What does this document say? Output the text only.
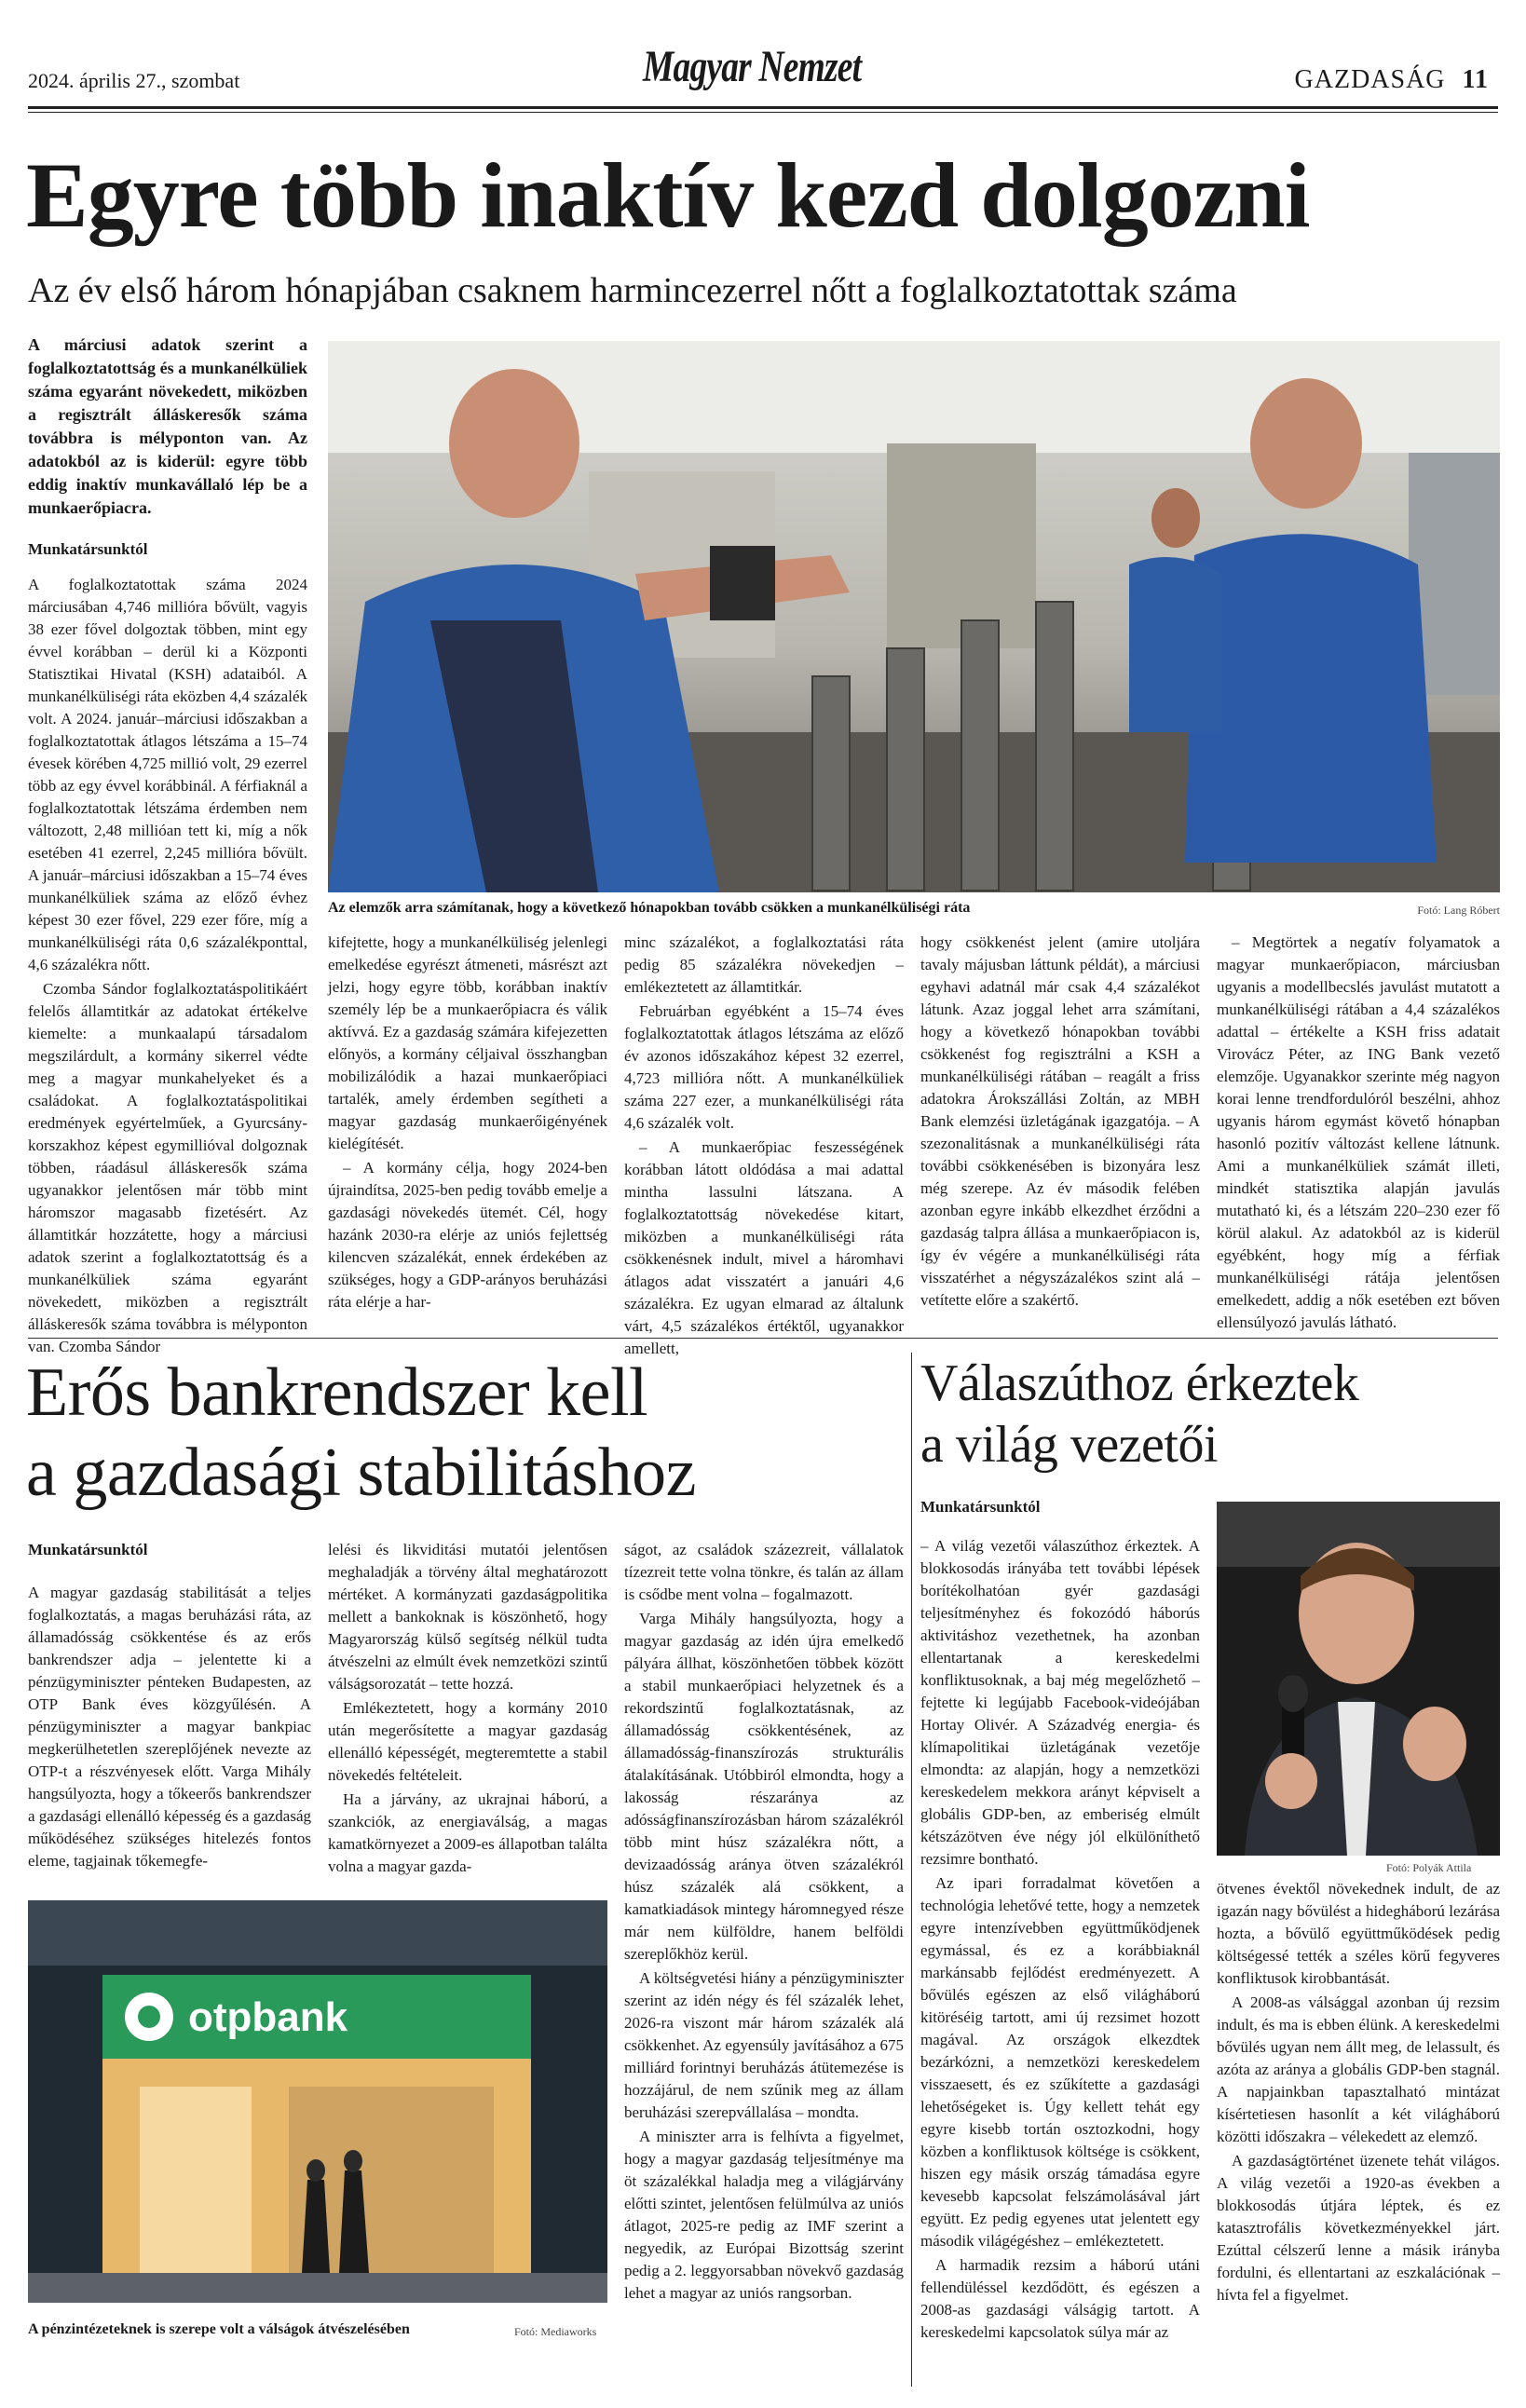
2024. április 27., szombat	Magyar Nemzet	GAZDASÁG 11
Egyre több inaktív kezd dolgozni
Az év első három hónapjában csaknem harmincezerrel nőtt a foglalkoztatottak száma

A márciusi adatok szerint a foglalkoztatottság és a munkanélküliek száma egyaránt növekedett, miközben a regisztrált álláskeresők száma továbbra is mélyponton van. Az adatokból az is kiderül: egyre több eddig inaktív munkavállaló lép be a munkaerőpiacra.

Munkatársunktól

A foglalkoztatottak száma 2024 márciusában 4,746 millióra bővült, vagyis 38 ezer fővel dolgoztak többen, mint egy évvel korábban – derül ki a Központi Statisztikai Hivatal (KSH) adataiból. A munkanélküliségi ráta eközben 4,4 százalék volt. A 2024. január–márciusi időszakban a foglalkoztatottak átlagos létszáma a 15–74 évesek körében 4,725 millió volt, 29 ezerrel több az egy évvel korábbinál. A férfiaknál a foglalkoztatottak létszáma érdemben nem változott, 2,48 millióan tett ki, míg a nők esetében 41 ezerrel, 2,245 millióra bővült. A január–márciusi időszakban a 15–74 éves munkanélküliek száma az előző évhez képest 30 ezer fővel, 229 ezer főre, míg a munkanélküliségi ráta 0,6 százalékponttal, 4,6 százalékra nőtt.

Czomba Sándor foglalkoztatáspolitikáért felelős államtitkár az adatokat értékelve kiemelte: a munkaalapú társadalom megszilárdult, a kormány sikerrel védte meg a magyar munkahelyeket és a családokat. A foglalkoztatáspolitikai eredmények egyértelműek, a Gyurcsány-korszakhoz képest egymillióval dolgoznak többen, ráadásul álláskeresők száma ugyanakkor jelentősen már több mint háromszor magasabb fizetésért. Az államtitkár hozzátette, hogy a márciusi adatok szerint a foglalkoztatottság és a munkanélküliek száma egyaránt növekedett, miközben a regisztrált álláskeresők száma továbbra is mélyponton van. Czomba Sándor

Az elemzők arra számítanak, hogy a következő hónapokban tovább csökken a munkanélküliségi ráta	Fotó: Lang Róbert

kifejtette, hogy a munkanélküliség jelenlegi emelkedése egyrészt átmeneti, másrészt azt jelzi, hogy egyre több, korábban inaktív személy lép be a munkaerőpiacra és válik aktívvá. Ez a gazdaság számára kifejezetten előnyös, a kormány céljaival összhangban mobilizálódik a hazai munkaerőpiaci tartalék, amely érdemben segítheti a magyar gazdaság munkaerőigényének kielégítését.

– A kormány célja, hogy 2024-ben újraindítsa, 2025-ben pedig tovább emelje a gazdasági növekedés ütemét. Cél, hogy hazánk 2030-ra elérje az uniós fejlettség kilencven százalékát, ennek érdekében az szükséges, hogy a GDP-arányos beruházási ráta elérje a har-

minc százalékot, a foglalkoztatási ráta pedig 85 százalékra növekedjen – emlékeztetett az államtitkár.

Februárban egyébként a 15–74 éves foglalkoztatottak átlagos létszáma az előző év azonos időszakához képest 32 ezerrel, 4,723 millióra nőtt. A munkanélküliek száma 227 ezer, a munkanélküliségi ráta 4,6 százalék volt.

– A munkaerőpiac feszességének korábban látott oldódása a mai adattal mintha lassulni látszana. A foglalkoztatottság növekedése kitart, miközben a munkanélküliségi ráta csökkenésnek indult, mivel a háromhavi átlagos adat visszatért a januári 4,6 százalékra. Ez ugyan elmarad az általunk várt, 4,5 százalékos értéktől, ugyanakkor amellett,

hogy csökkenést jelent (amire utoljára tavaly májusban láttunk példát), a márciusi egyhavi adatnál már csak 4,4 százalékot látunk. Azaz joggal lehet arra számítani, hogy a következő hónapokban további csökkenést fog regisztrálni a KSH a munkanélküliségi rátában – reagált a friss adatokra Árokszállási Zoltán, az MBH Bank elemzési üzletágának igazgatója. – A szezonalitásnak a munkanélküliségi ráta további csökkenésében is bizonyára lesz még szerepe. Az év második felében azonban egyre inkább elkezdhet érződni a gazdaság talpra állása a munkaerőpiacon is, így év végére a munkanélküliségi ráta visszatérhet a négyszázalékos szint alá – vetítette előre a szakértő.

– Megtörtek a negatív folyamatok a magyar munkaerőpiacon, márciusban ugyanis a modellbecslés javulást mutatott a munkanélküliségi rátában a 4,4 százalékos adattal – értékelte a KSH friss adatait Virovácz Péter, az ING Bank vezető elemzője. Ugyanakkor szerinte még nagyon korai lenne trendfordulóról beszélni, ahhoz ugyanis három egymást követő hónapban hasonló pozitív változást kellene látnunk. Ami a munkanélküliek számát illeti, mindkét statisztika alapján javulás mutatható ki, és a létszám 220–230 ezer fő körül alakul. Az adatokból az is kiderül egyébként, hogy míg a férfiak munkanélküliségi rátája jelentősen emelkedett, addig a nők esetében ezt bőven ellensúlyozó javulás látható.

Erős bankrendszer kell
a gazdasági stabilitáshoz

Munkatársunktól

A magyar gazdaság stabilitását a teljes foglalkoztatás, a magas beruházási ráta, az államadósság csökkentése és az erős bankrendszer adja – jelentette ki a pénzügyminiszter pénteken Budapesten, az OTP Bank éves közgyűlésén. A pénzügyminiszter a magyar bankpiac megkerülhetetlen szereplőjének nevezte az OTP-t a részvényesek előtt. Varga Mihály hangsúlyozta, hogy a tőkeerős bankrendszer a gazdasági ellenálló képesség és a gazdaság működéséhez szükséges hitelezés fontos eleme, tagjainak tőkemegfe-

lelési és likviditási mutatói jelentősen meghaladják a törvény által meghatározott mértéket. A kormányzati gazdaságpolitika mellett a bankoknak is köszönhető, hogy Magyarország külső segítség nélkül tudta átvészelni az elmúlt évek nemzetközi szintű válságsorozatát – tette hozzá.

Emlékeztetett, hogy a kormány 2010 után megerősítette a magyar gazdaság ellenálló képességét, megteremtette a stabil növekedés feltételeit.

Ha a járvány, az ukrajnai háború, a szankciók, az energiaválság, a magas kamatkörnyezet a 2009-es állapotban találta volna a magyar gazda-

otpbank
A pénzintézeteknek is szerepe volt a válságok átvészelésében	Fotó: Mediaworks

ságot, az családok százezreit, vállalatok tízezreit tette volna tönkre, és talán az állam is csődbe ment volna – fogalmazott.

Varga Mihály hangsúlyozta, hogy a magyar gazdaság az idén újra emelkedő pályára állhat, köszönhetően többek között a stabil munkaerőpiaci helyzetnek és a rekordszintű foglalkoztatásnak, az államadósság csökkentésének, az államadósság-finanszírozás strukturális átalakításának. Utóbbiról elmondta, hogy a lakosság részaránya az adósságfinanszírozásban három százalékról több mint húsz százalékra nőtt, a devizaadósság aránya ötven százalékról húsz százalék alá csökkent, a kamatkiadások mintegy háromnegyed része már nem külföldre, hanem belföldi szereplőkhöz kerül.

A költségvetési hiány a pénzügyminiszter szerint az idén négy és fél százalék lehet, 2026-ra viszont már három százalék alá csökkenhet. Az egyensúly javításához a 675 milliárd forintnyi beruházás átütemezése is hozzájárul, de nem szűnik meg az állam beruházási szerepvállalása – mondta.

A miniszter arra is felhívta a figyelmet, hogy a magyar gazdaság teljesítménye ma öt százalékkal haladja meg a világjárvány előtti szintet, jelentősen felülmúlva az uniós átlagot, 2025-re pedig az IMF szerint a negyedik, az Európai Bizottság szerint pedig a 2. leggyorsabban növekvő gazdaság lehet a magyar az uniós rangsorban.

Válaszúthoz érkeztek
a világ vezetői
Munkatársunktól

– A világ vezetői válaszúthoz érkeztek. A blokkosodás irányába tett további lépések borítékolhatóan gyér gazdasági teljesítményhez és fokozódó háborús aktivitáshoz vezethetnek, ha azonban ellentartanak a kereskedelmi konfliktusoknak, a baj még megelőzhető – fejtette ki legújabb Facebook-videójában Hortay Olivér. A Századvég energia- és klímapolitikai üzletágának vezetője elmondta: az alapján, hogy a nemzetközi kereskedelem mekkora arányt képviselt a globális GDP-ben, az emberiség elmúlt kétszázötven éve négy jól elkülöníthető rezsimre bontható.

Az ipari forradalmat követően a technológia lehetővé tette, hogy a nemzetek egyre intenzívebben együttműködjenek egymással, és ez a korábbiaknál markánsabb fejlődést eredményezett. A bővülés egészen az első világháború kitöréséig tartott, ami új rezsimet hozott magával. Az országok elkezdtek bezárkózni, a nemzetközi kereskedelem visszaesett, és ez szűkítette a gazdasági lehetőségeket is. Úgy kellett tehát egy egyre kisebb tortán osztozkodni, hogy közben a konfliktusok költsége is csökkent, hiszen egy másik ország támadása egyre kevesebb kapcsolat felszámolásával járt együtt. Ez pedig egyenes utat jelentett egy második világégéshez – emlékeztetett.

A harmadik rezsim a háború utáni fellendüléssel kezdődött, és egészen a 2008-as gazdasági válságig tartott. A kereskedelmi kapcsolatok súlya már az

Fotó: Polyák Attila

ötvenes évektől növekednek indult, de az igazán nagy bővülést a hidegháború lezárása hozta, a bővülő együttműködések pedig költségessé tették a széles körű fegyveres konfliktusok kirobbantását.

A 2008-as válsággal azonban új rezsim indult, és ma is ebben élünk. A kereskedelmi bővülés ugyan nem állt meg, de lelassult, és azóta az aránya a globális GDP-ben stagnál. A napjainkban tapasztalható mintázat kísértetiesen hasonlít a két világháború közötti időszakra – vélekedett az elemző.

A gazdaságtörténet üzenete tehát világos. A világ vezetői a 1920-as években a blokkosodás útjára léptek, és ez katasztrofális következményekkel járt. Ezúttal célszerű lenne a másik irányba fordulni, és ellentartani az eszkalációnak – hívta fel a figyelmet.
